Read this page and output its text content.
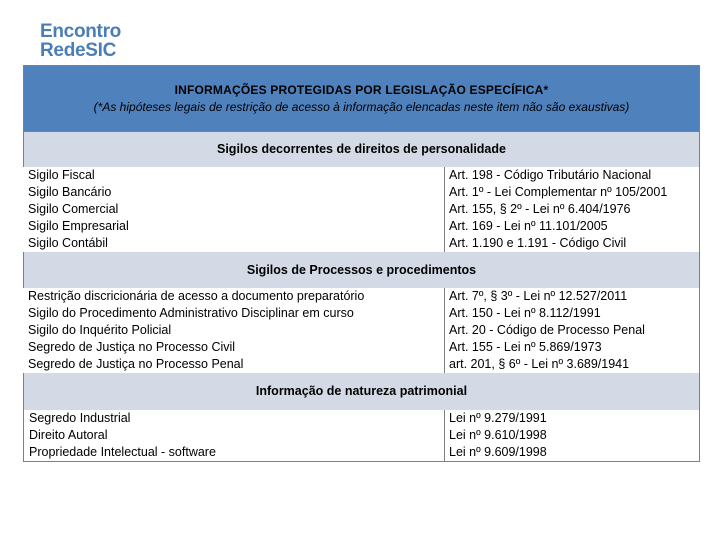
Encontro
RedeSIC
INFORMAÇÕES PROTEGIDAS POR LEGISLAÇÃO ESPECÍFICA*
(*As hipóteses legais de restrição de acesso à informação elencadas neste item não são exaustivas)
Sigilos decorrentes de direitos de personalidade
Sigilo Fiscal
Sigilo Bancário
Sigilo Comercial
Sigilo Empresarial
Sigilo Contábil
Art. 198 - Código Tributário Nacional
Art. 1º - Lei Complementar nº 105/2001
Art. 155, § 2º - Lei nº 6.404/1976
Art. 169 - Lei nº 11.101/2005
Art. 1.190 e 1.191 - Código Civil
Sigilos de Processos e procedimentos
Restrição discricionária de acesso a documento preparatório
Sigilo do Procedimento Administrativo Disciplinar em curso
Sigilo do Inquérito Policial
Segredo de Justiça no Processo Civil
Segredo de Justiça no Processo Penal
Art. 7º, § 3º - Lei nº 12.527/2011
Art. 150 - Lei nº 8.112/1991
Art. 20 - Código de Processo Penal
Art. 155 - Lei nº 5.869/1973
art. 201, § 6º - Lei nº 3.689/1941
Informação de natureza patrimonial
Segredo Industrial
Direito Autoral
Propriedade Intelectual - software
Lei nº 9.279/1991
Lei nº 9.610/1998
Lei nº 9.609/1998
